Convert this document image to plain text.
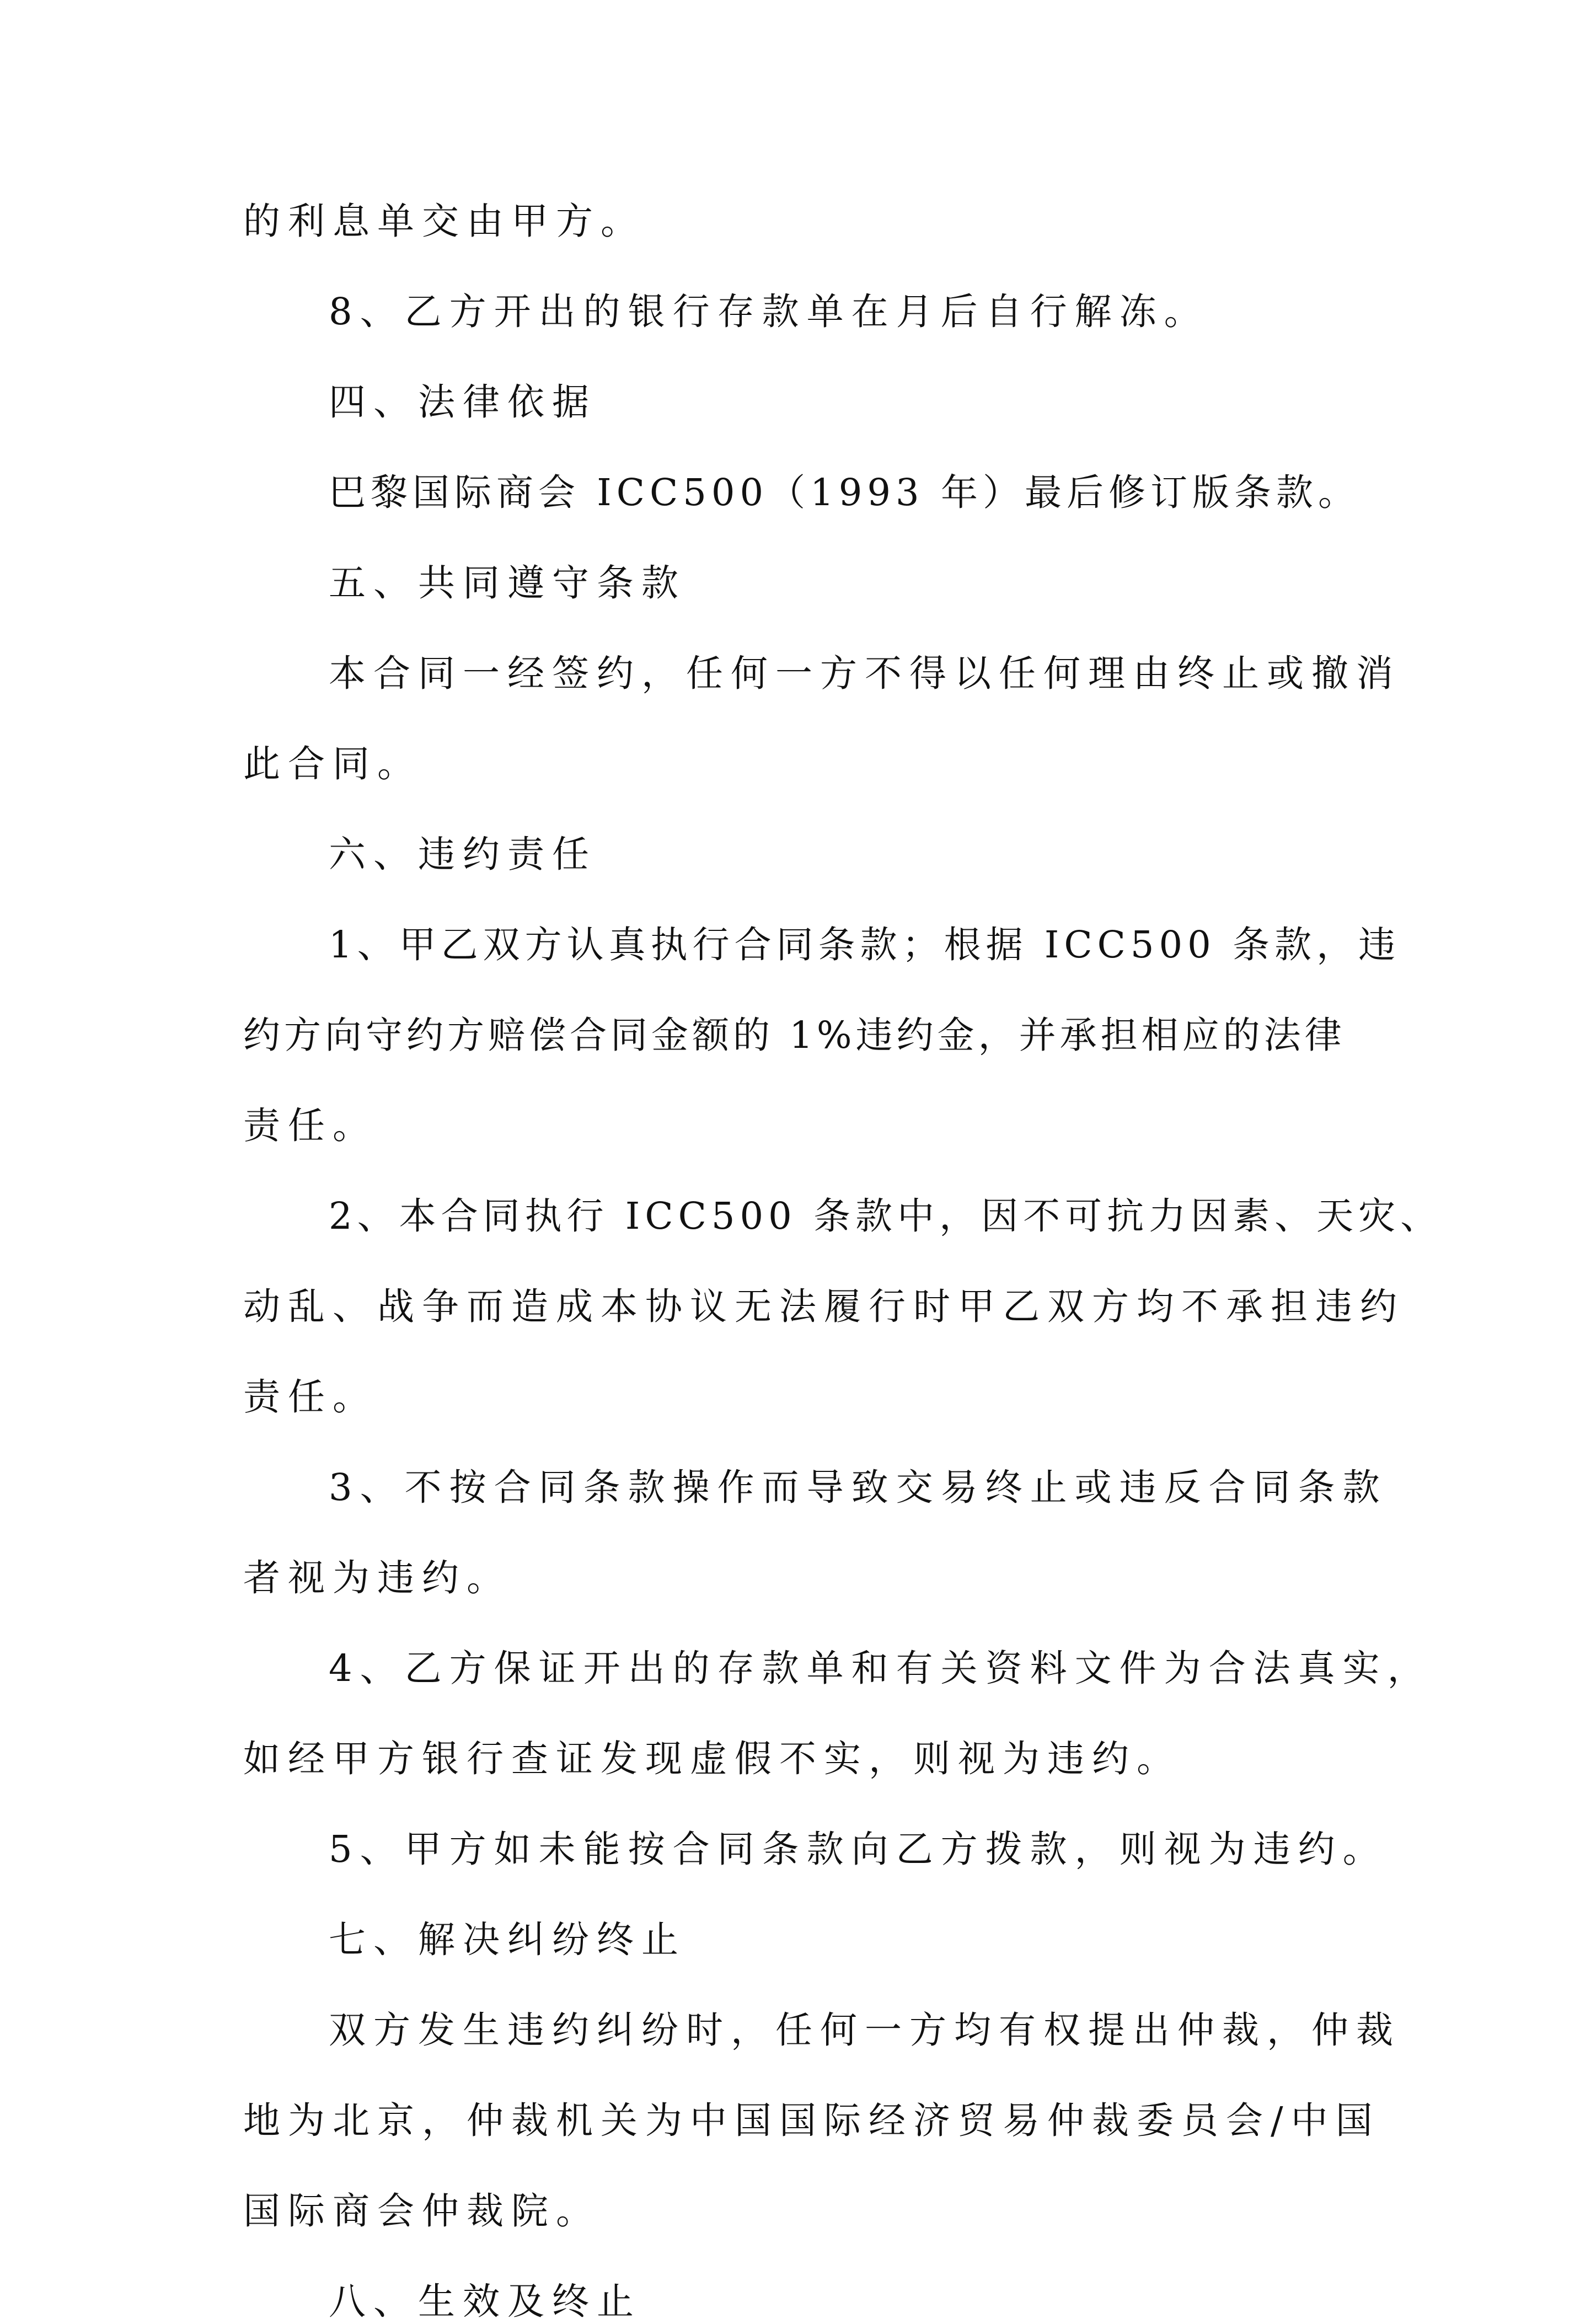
的利息单交由甲方。

8、乙方开出的银行存款单在月后自行解冻。

四、法律依据

巴黎国际商会 ICC500（1993 年）最后修订版条款。

五、共同遵守条款

本合同一经签约，任何一方不得以任何理由终止或撤消

此合同。

六、违约责任

1、甲乙双方认真执行合同条款；根据 ICC500 条款，违

约方向守约方赔偿合同金额的 1%违约金，并承担相应的法律

责任。

2、本合同执行 ICC500 条款中，因不可抗力因素、天灾、

动乱、战争而造成本协议无法履行时甲乙双方均不承担违约

责任。

3、不按合同条款操作而导致交易终止或违反合同条款

者视为违约。

4、乙方保证开出的存款单和有关资料文件为合法真实，

如经甲方银行查证发现虚假不实，则视为违约。

5、甲方如未能按合同条款向乙方拨款，则视为违约。

七、解决纠纷终止

双方发生违约纠纷时，任何一方均有权提出仲裁，仲裁

地为北京，仲裁机关为中国国际经济贸易仲裁委员会/中国

国际商会仲裁院。

八、生效及终止
